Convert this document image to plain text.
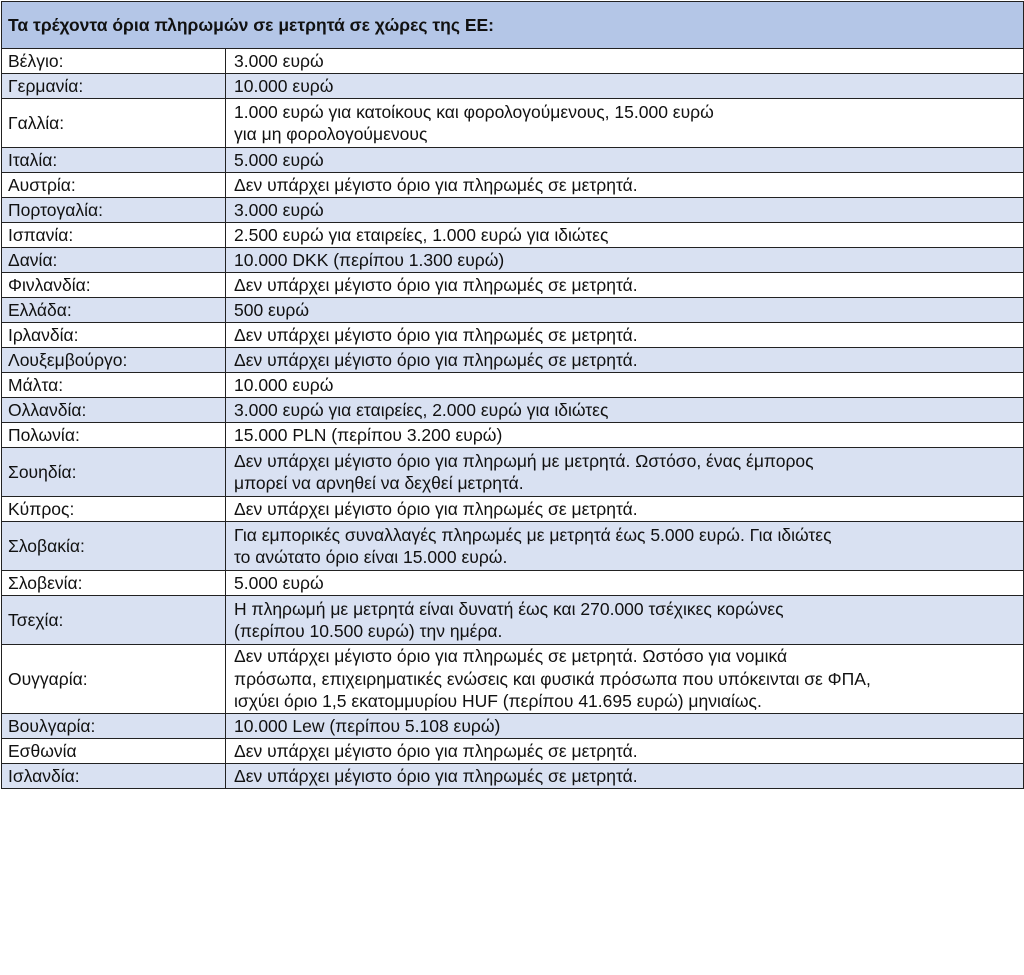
Τα τρέχοντα όρια πληρωμών σε μετρητά σε χώρες της ΕΕ:	
Βέλγιο:	3.000 ευρώ

Γερμανία:	10.000 ευρώ

Γαλλία:	1.000 ευρώ για κατοίκους και φορολογούμενους, 15.000 ευρώ
για μη φορολογούμενους

Ιταλία:	5.000 ευρώ

Αυστρία:	Δεν υπάρχει μέγιστο όριο για πληρωμές σε μετρητά.

Πορτογαλία:	3.000 ευρώ

Ισπανία:	2.500 ευρώ για εταιρείες, 1.000 ευρώ για ιδιώτες

Δανία:	10.000 DKK (περίπου 1.300 ευρώ)

Φινλανδία:	Δεν υπάρχει μέγιστο όριο για πληρωμές σε μετρητά.

Ελλάδα:	500 ευρώ

Ιρλανδία:	Δεν υπάρχει μέγιστο όριο για πληρωμές σε μετρητά.

Λουξεμβούργο:	Δεν υπάρχει μέγιστο όριο για πληρωμές σε μετρητά.

Μάλτα:	10.000 ευρώ

Ολλανδία:	3.000 ευρώ για εταιρείες, 2.000 ευρώ για ιδιώτες

Πολωνία:	15.000 PLN (περίπου 3.200 ευρώ)

Σουηδία:	Δεν υπάρχει μέγιστο όριο για πληρωμή με μετρητά. Ωστόσο, ένας έμπορος
μπορεί να αρνηθεί να δεχθεί μετρητά.

Κύπρος:	Δεν υπάρχει μέγιστο όριο για πληρωμές σε μετρητά.

Σλοβακία:	Για εμπορικές συναλλαγές πληρωμές με μετρητά έως 5.000 ευρώ. Για ιδιώτες
το ανώτατο όριο είναι 15.000 ευρώ.

Σλοβενία:	5.000 ευρώ

Τσεχία:	Η πληρωμή με μετρητά είναι δυνατή έως και 270.000 τσέχικες κορώνες
(περίπου 10.500 ευρώ) την ημέρα.

Ουγγαρία:	Δεν υπάρχει μέγιστο όριο για πληρωμές σε μετρητά. Ωστόσο για νομικά
πρόσωπα, επιχειρηματικές ενώσεις και φυσικά πρόσωπα που υπόκεινται σε ΦΠΑ,
ισχύει όριο 1,5 εκατομμυρίου HUF (περίπου 41.695 ευρώ) μηνιαίως.

Βουλγαρία:	10.000 Lew (περίπου 5.108 ευρώ)

Εσθωνία	Δεν υπάρχει μέγιστο όριο για πληρωμές σε μετρητά.

Ισλανδία:	Δεν υπάρχει μέγιστο όριο για πληρωμές σε μετρητά.
